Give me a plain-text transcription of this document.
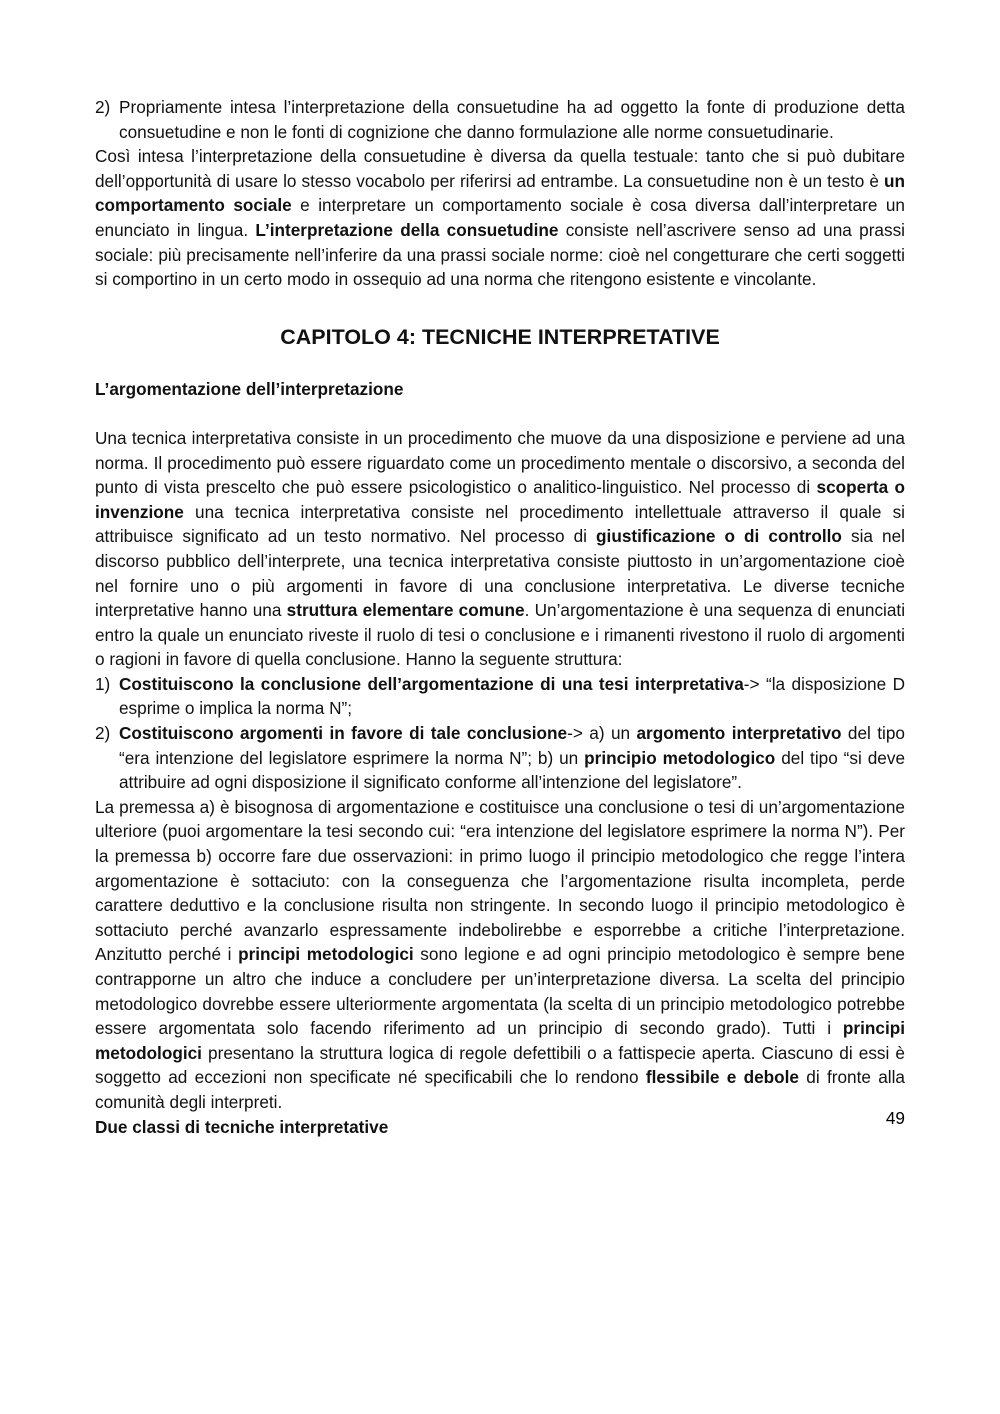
2) Propriamente intesa l’interpretazione della consuetudine ha ad oggetto la fonte di produzione detta consuetudine e non le fonti di cognizione che danno formulazione alle norme consuetudinarie.

Così intesa l’interpretazione della consuetudine è diversa da quella testuale: tanto che si può dubitare dell’opportunità di usare lo stesso vocabolo per riferirsi ad entrambe. La consuetudine non è un testo è un comportamento sociale e interpretare un comportamento sociale è cosa diversa dall’interpretare un enunciato in lingua. L’interpretazione della consuetudine consiste nell’ascrivere senso ad una prassi sociale: più precisamente nell’inferire da una prassi sociale norme: cioè nel congetturare che certi soggetti si comportino in un certo modo in ossequio ad una norma che ritengono esistente e vincolante.

CAPITOLO 4: TECNICHE INTERPRETATIVE

L’argomentazione dell’interpretazione

Una tecnica interpretativa consiste in un procedimento che muove da una disposizione e perviene ad una norma. Il procedimento può essere riguardato come un procedimento mentale o discorsivo, a seconda del punto di vista prescelto che può essere psicologistico o analitico-linguistico. Nel processo di scoperta o invenzione una tecnica interpretativa consiste nel procedimento intellettuale attraverso il quale si attribuisce significato ad un testo normativo. Nel processo di giustificazione o di controllo sia nel discorso pubblico dell’interprete, una tecnica interpretativa consiste piuttosto in un’argomentazione cioè nel fornire uno o più argomenti in favore di una conclusione interpretativa. Le diverse tecniche interpretative hanno una struttura elementare comune. Un’argomentazione è una sequenza di enunciati entro la quale un enunciato riveste il ruolo di tesi o conclusione e i rimanenti rivestono il ruolo di argomenti o ragioni in favore di quella conclusione. Hanno la seguente struttura:

1) Costituiscono la conclusione dell’argomentazione di una tesi interpretativa-> “la disposizione D esprime o implica la norma N”;
2) Costituiscono argomenti in favore di tale conclusione-> a) un argomento interpretativo del tipo “era intenzione del legislatore esprimere la norma N”; b) un principio metodologico del tipo “si deve attribuire ad ogni disposizione il significato conforme all’intenzione del legislatore”.

La premessa a) è bisognosa di argomentazione e costituisce una conclusione o tesi di un’argomentazione ulteriore (puoi argomentare la tesi secondo cui: “era intenzione del legislatore esprimere la norma N”). Per la premessa b) occorre fare due osservazioni: in primo luogo il principio metodologico che regge l’intera argomentazione è sottaciuto: con la conseguenza che l’argomentazione risulta incompleta, perde carattere deduttivo e la conclusione risulta non stringente. In secondo luogo il principio metodologico è sottaciuto perché avanzarlo espressamente indebolirebbe e esporrebbe a critiche l’interpretazione. Anzitutto perché i principi metodologici sono legione e ad ogni principio metodologico è sempre bene contrapporne un altro che induce a concludere per un’interpretazione diversa. La scelta del principio metodologico dovrebbe essere ulteriormente argomentata (la scelta di un principio metodologico potrebbe essere argomentata solo facendo riferimento ad un principio di secondo grado). Tutti i principi metodologici presentano la struttura logica di regole defettibili o a fattispecie aperta. Ciascuno di essi è soggetto ad eccezioni non specificate né specificabili che lo rendono flessibile e debole di fronte alla comunità degli interpreti.

Due classi di tecniche interpretative	49
